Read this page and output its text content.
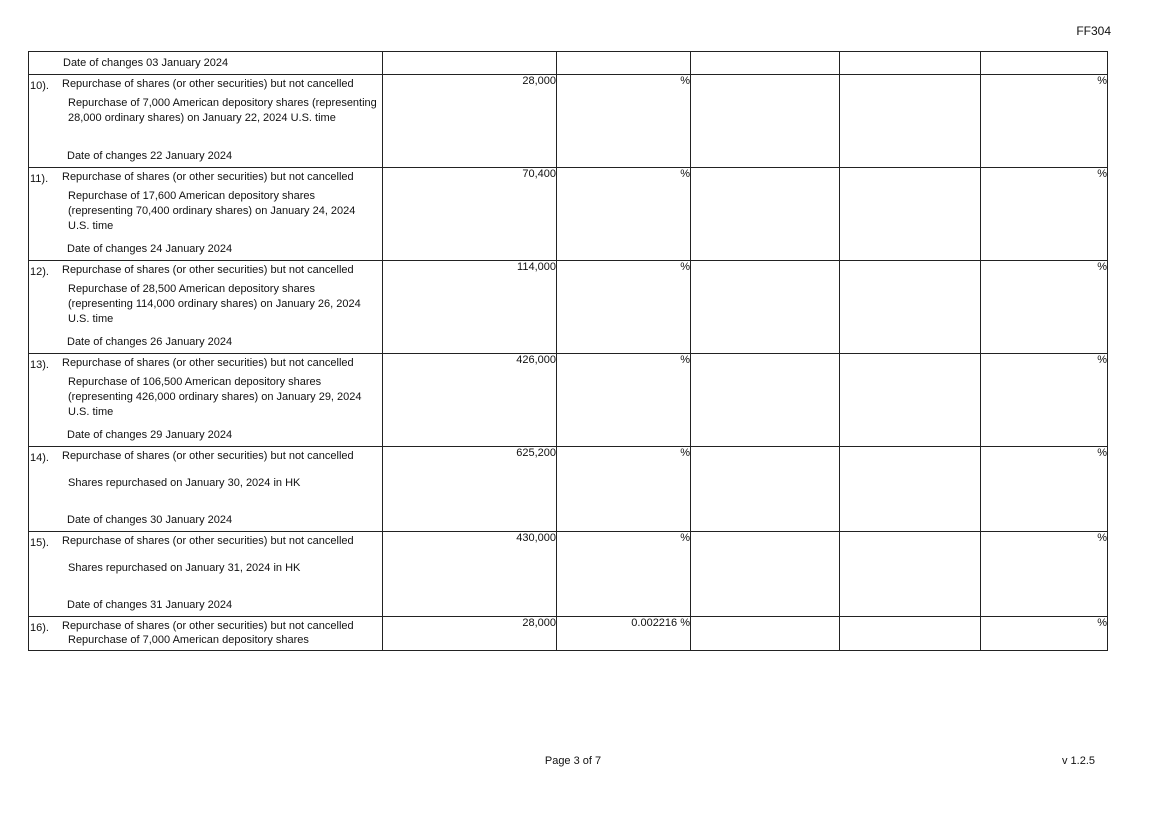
FF304
Date of changes 03 January 2024					

10). Repurchase of shares (or other securities) but not cancelled
Repurchase of 7,000 American depository shares (representing 28,000 ordinary shares) on January 22, 2024 U.S. time
Date of changes 22 January 2024	28,000	%			%

11). Repurchase of shares (or other securities) but not cancelled
Repurchase of 17,600 American depository shares (representing 70,400 ordinary shares) on January 24, 2024 U.S. time
Date of changes 24 January 2024	70,400	%			%

12). Repurchase of shares (or other securities) but not cancelled
Repurchase of 28,500 American depository shares (representing 114,000 ordinary shares) on January 26, 2024 U.S. time
Date of changes 26 January 2024	114,000	%			%

13). Repurchase of shares (or other securities) but not cancelled
Repurchase of 106,500 American depository shares (representing 426,000 ordinary shares) on January 29, 2024 U.S. time
Date of changes 29 January 2024	426,000	%			%

14). Repurchase of shares (or other securities) but not cancelled
Shares repurchased on January 30, 2024 in HK
Date of changes 30 January 2024	625,200	%			%

15). Repurchase of shares (or other securities) but not cancelled
Shares repurchased on January 31, 2024 in HK
Date of changes 31 January 2024	430,000	%			%

16). Repurchase of shares (or other securities) but not cancelled
Repurchase of 7,000 American depository shares	28,000	0.002216 %			%
Page 3 of 7	v 1.2.5
